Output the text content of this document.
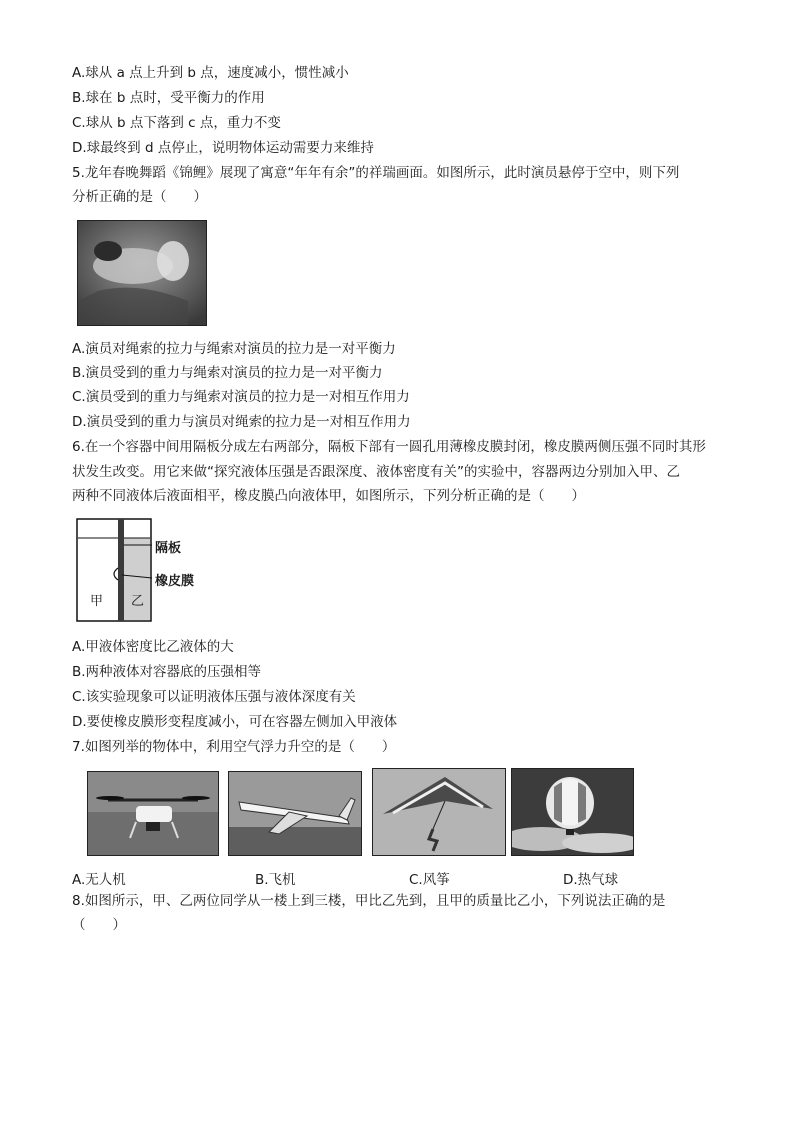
A.球从 a 点上升到 b 点，速度减小，惯性减小
B.球在 b 点时，受平衡力的作用
C.球从 b 点下落到 c 点，重力不变
D.球最终到 d 点停止，说明物体运动需要力来维持
5.龙年春晚舞蹈《锦鲤》展现了寓意“年年有余”的祥瑞画面。如图所示，此时演员悬停于空中，则下列
分析正确的是（　　）
A.演员对绳索的拉力与绳索对演员的拉力是一对平衡力
B.演员受到的重力与绳索对演员的拉力是一对平衡力
C.演员受到的重力与绳索对演员的拉力是一对相互作用力
D.演员受到的重力与演员对绳索的拉力是一对相互作用力
6.在一个容器中间用隔板分成左右两部分，隔板下部有一圆孔用薄橡皮膜封闭，橡皮膜两侧压强不同时其形
状发生改变。用它来做“探究液体压强是否跟深度、液体密度有关”的实验中，容器两边分别加入甲、乙
两种不同液体后液面相平，橡皮膜凸向液体甲，如图所示，下列分析正确的是（　　）
隔板
橡皮膜
甲 乙
A.甲液体密度比乙液体的大
B.两种液体对容器底的压强相等
C.该实验现象可以证明液体压强与液体深度有关
D.要使橡皮膜形变程度减小，可在容器左侧加入甲液体
7.如图列举的物体中，利用空气浮力升空的是（　　）
A.无人机	B.飞机	C.风筝	D.热气球
8.如图所示，甲、乙两位同学从一楼上到三楼，甲比乙先到，且甲的质量比乙小，下列说法正确的是
（　　）
